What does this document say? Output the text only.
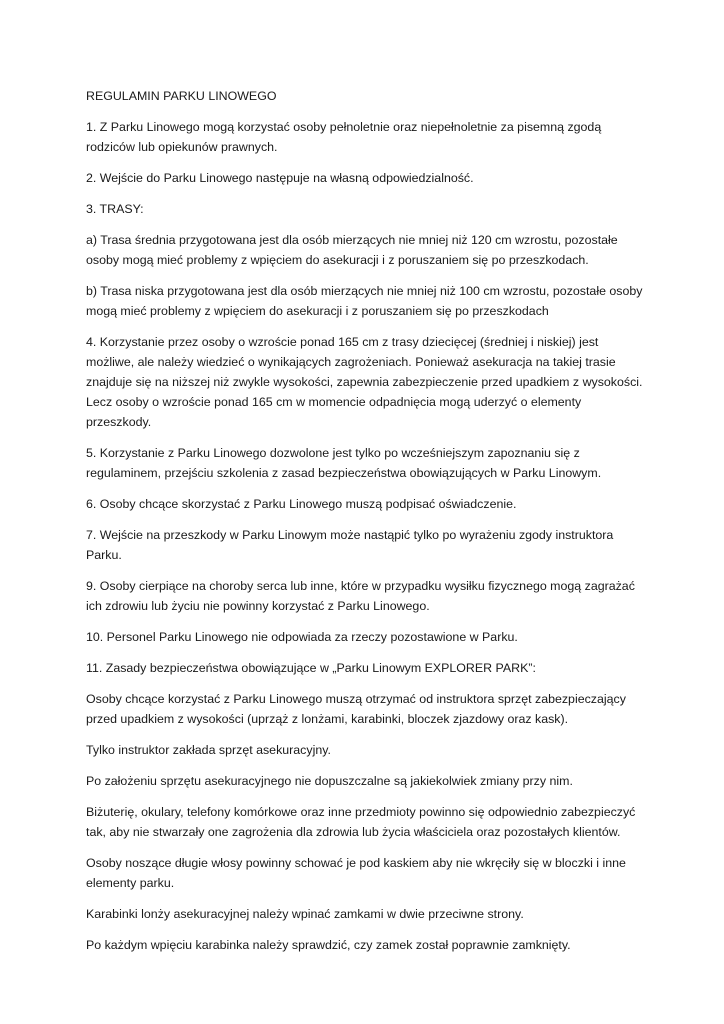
REGULAMIN PARKU LINOWEGO

1. Z Parku Linowego mogą korzystać osoby pełnoletnie oraz niepełnoletnie za pisemną zgodą rodziców lub opiekunów prawnych.

2. Wejście do Parku Linowego następuje na własną odpowiedzialność.

3. TRASY:

a) Trasa średnia przygotowana jest dla osób mierzących nie mniej niż 120 cm wzrostu, pozostałe osoby mogą mieć problemy z wpięciem do asekuracji i z poruszaniem się po przeszkodach.

b) Trasa niska przygotowana jest dla osób mierzących nie mniej niż 100 cm wzrostu, pozostałe osoby mogą mieć problemy z wpięciem do asekuracji i z poruszaniem się po przeszkodach

4. Korzystanie przez osoby o wzroście ponad 165 cm z trasy dziecięcej (średniej i niskiej) jest możliwe, ale należy wiedzieć o wynikających zagrożeniach. Ponieważ asekuracja na takiej trasie znajduje się na niższej niż zwykle wysokości, zapewnia zabezpieczenie przed upadkiem z wysokości. Lecz osoby o wzroście ponad 165 cm w momencie odpadnięcia mogą uderzyć o elementy przeszkody.

5. Korzystanie z Parku Linowego dozwolone jest tylko po wcześniejszym zapoznaniu się z regulaminem, przejściu szkolenia z zasad bezpieczeństwa obowiązujących w Parku Linowym.

6. Osoby chcące skorzystać z Parku Linowego muszą podpisać oświadczenie.

7. Wejście na przeszkody w Parku Linowym może nastąpić tylko po wyrażeniu zgody instruktora Parku.

9. Osoby cierpiące na choroby serca lub inne, które w przypadku wysiłku fizycznego mogą zagrażać ich zdrowiu lub życiu nie powinny korzystać z Parku Linowego.

10. Personel Parku Linowego nie odpowiada za rzeczy pozostawione w Parku.

11. Zasady bezpieczeństwa obowiązujące w „Parku Linowym EXPLORER PARK”:

Osoby chcące korzystać z Parku Linowego muszą otrzymać od instruktora sprzęt zabezpieczający przed upadkiem z wysokości (uprząż z lonżami, karabinki, bloczek zjazdowy oraz kask).

Tylko instruktor zakłada sprzęt asekuracyjny.

Po założeniu sprzętu asekuracyjnego nie dopuszczalne są jakiekolwiek zmiany przy nim.

Biżuterię, okulary, telefony komórkowe oraz inne przedmioty powinno się odpowiednio zabezpieczyć tak, aby nie stwarzały one zagrożenia dla zdrowia lub życia właściciela oraz pozostałych klientów.

Osoby noszące długie włosy powinny schować je pod kaskiem aby nie wkręciły się w bloczki i inne elementy parku.

Karabinki lonży asekuracyjnej należy wpinać zamkami w dwie przeciwne strony.

Po każdym wpięciu karabinka należy sprawdzić, czy zamek został poprawnie zamknięty.
